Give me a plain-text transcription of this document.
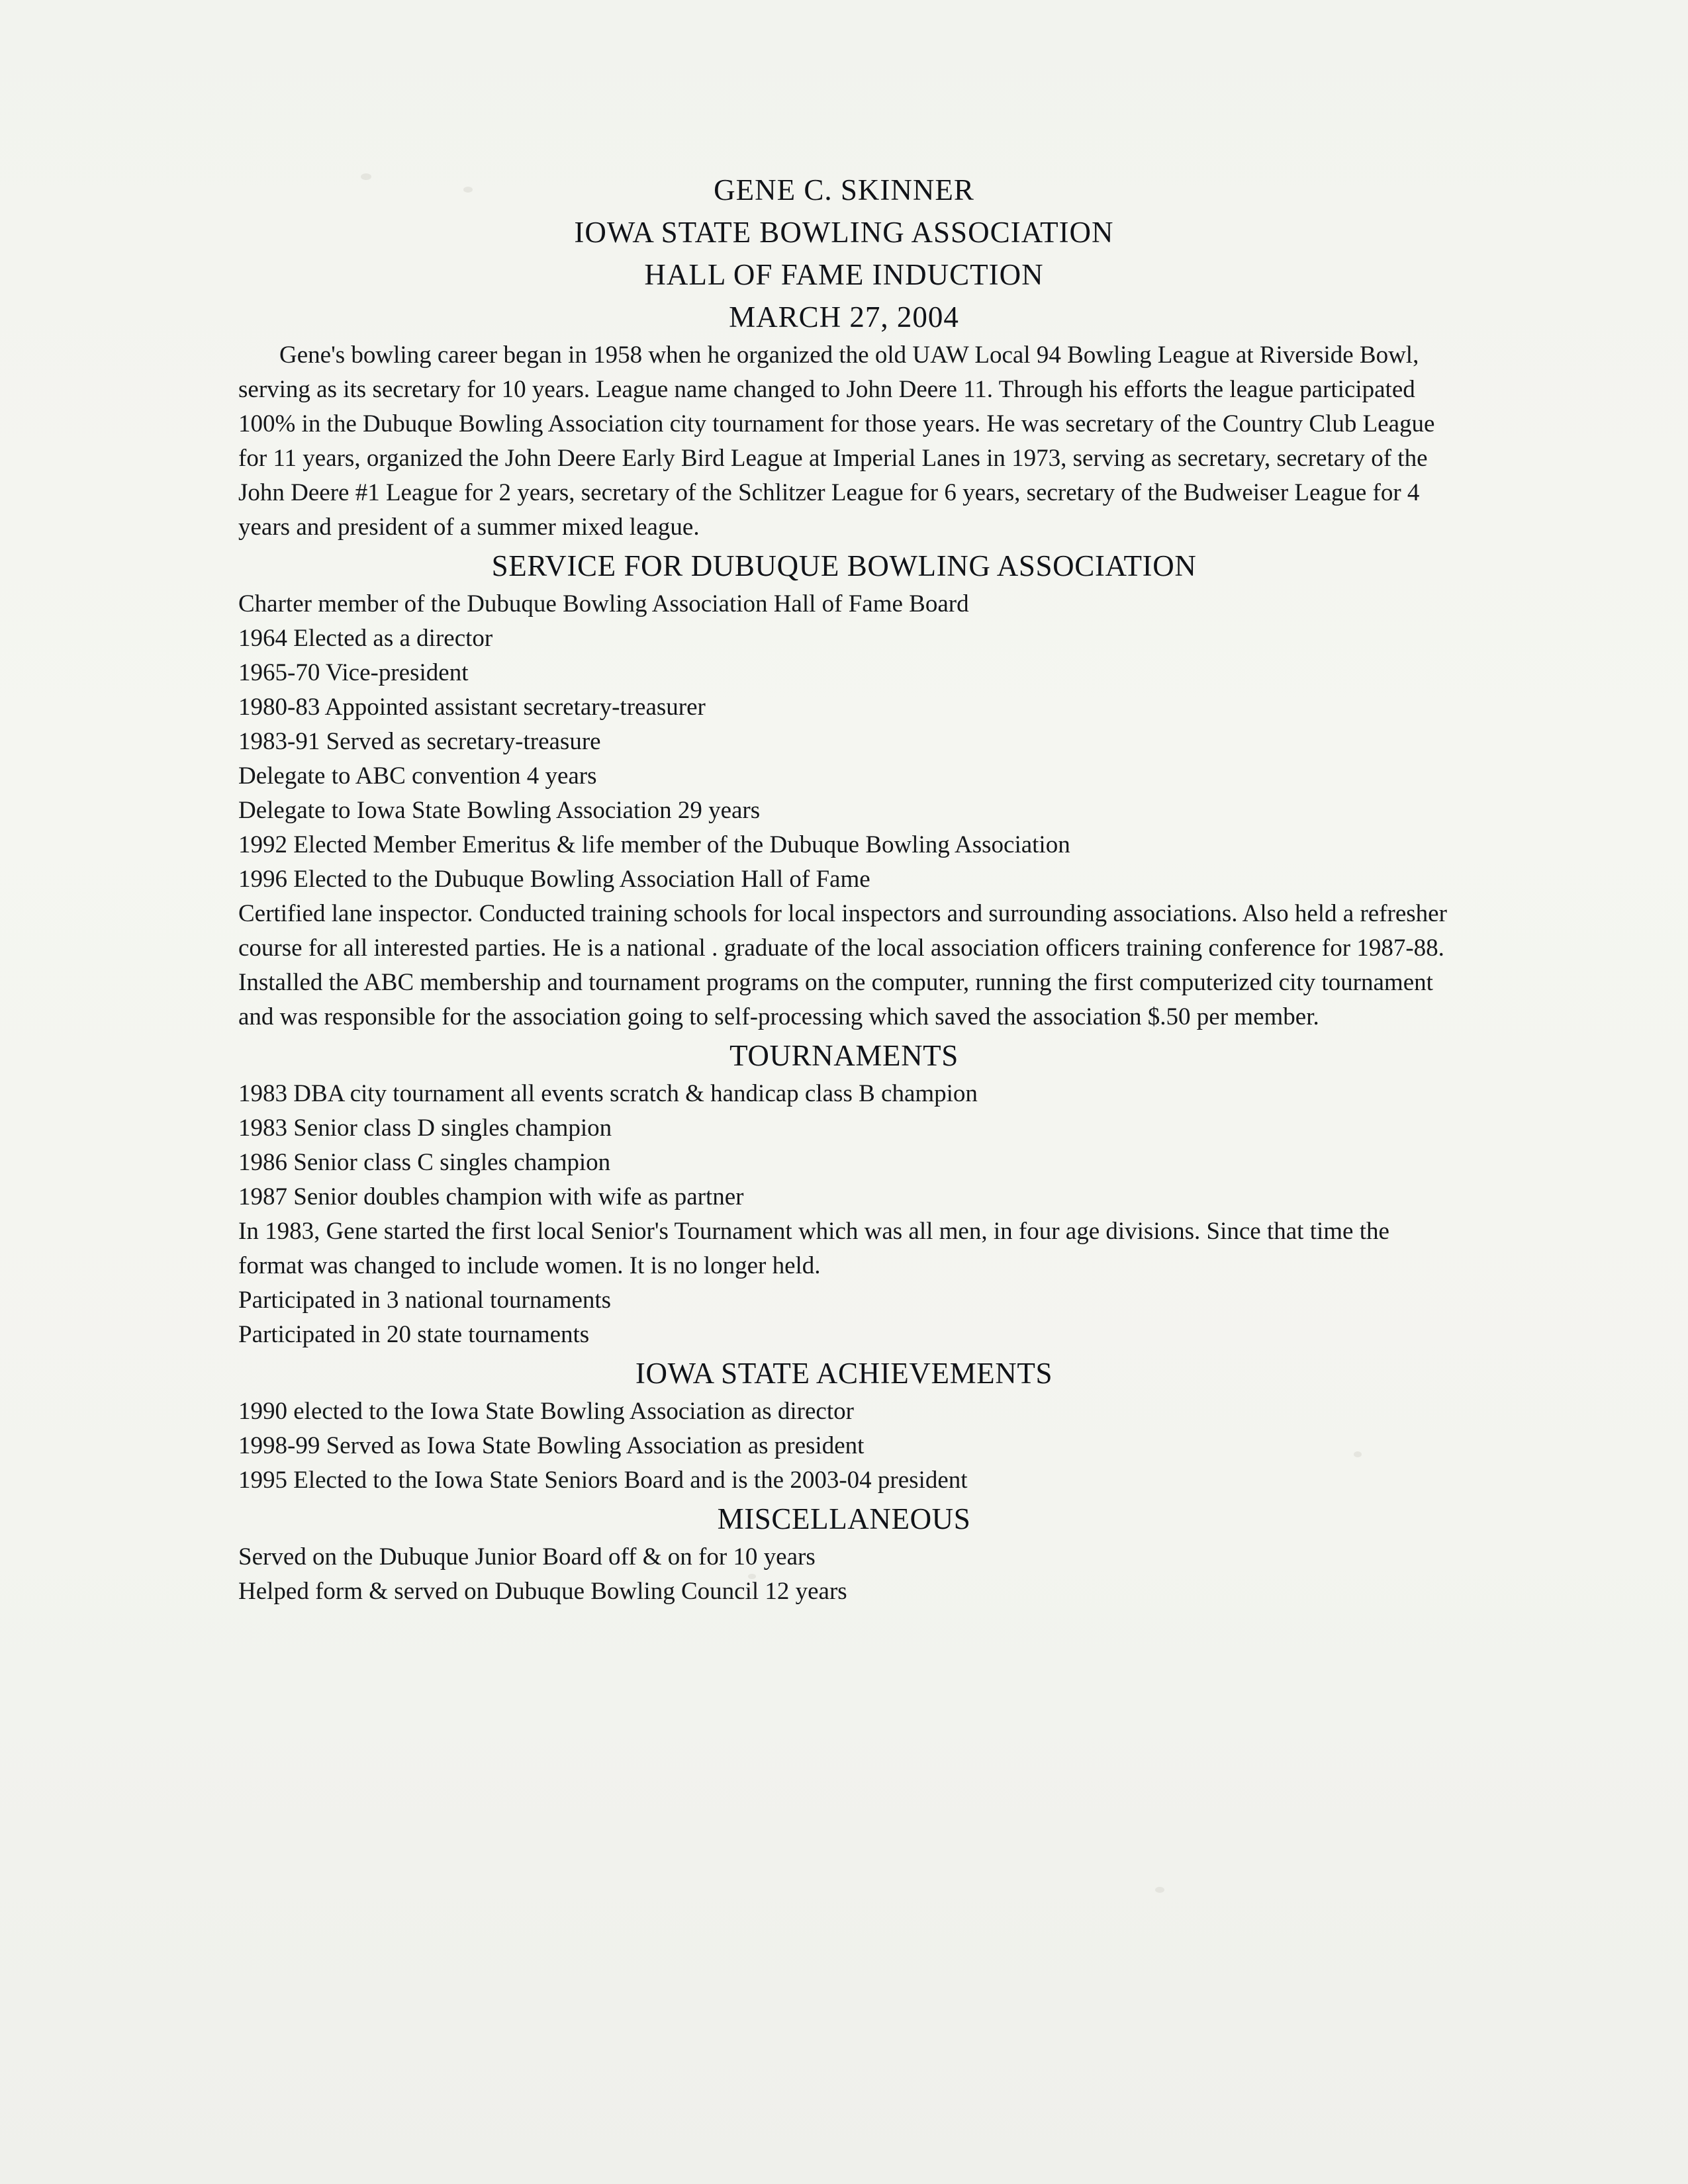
GENE C. SKINNER
IOWA STATE BOWLING ASSOCIATION
HALL OF FAME INDUCTION
MARCH 27, 2004
Gene's bowling career began in 1958 when he organized the old UAW Local 94 Bowling League at Riverside Bowl, serving as its secretary for 10 years. League name changed to John Deere 11. Through his efforts the league participated 100% in the Dubuque Bowling Association city tournament for those years. He was secretary of the Country Club League for 11 years, organized the John Deere Early Bird League at Imperial Lanes in 1973, serving as secretary, secretary of the John Deere #1 League for 2 years, secretary of the Schlitzer League for 6 years, secretary of the Budweiser League for 4 years and president of a summer mixed league.
SERVICE FOR DUBUQUE BOWLING ASSOCIATION
Charter member of the Dubuque Bowling Association Hall of Fame Board
1964 Elected as a director
1965-70 Vice-president
1980-83 Appointed assistant secretary-treasurer
1983-91 Served as secretary-treasure
Delegate to ABC convention 4 years
Delegate to Iowa State Bowling Association 29 years
1992 Elected Member Emeritus & life member of the Dubuque Bowling Association
1996 Elected to the Dubuque Bowling Association Hall of Fame
Certified lane inspector. Conducted training schools for local inspectors and surrounding associations. Also held a refresher course for all interested parties. He is a national . graduate of the local association officers training conference for 1987-88. Installed the ABC membership and tournament programs on the computer, running the first computerized city tournament and was responsible for the association going to self-processing which saved the association $.50 per member.
TOURNAMENTS
1983 DBA city tournament all events scratch & handicap class B champion
1983 Senior class D singles champion
1986 Senior class C singles champion
1987 Senior doubles champion with wife as partner
In 1983, Gene started the first local Senior's Tournament which was all men, in four age divisions. Since that time the format was changed to include women. It is no longer held.
Participated in 3 national tournaments
Participated in 20 state tournaments
IOWA STATE ACHIEVEMENTS
1990 elected to the Iowa State Bowling Association as director
1998-99 Served as Iowa State Bowling Association as president
1995 Elected to the Iowa State Seniors Board and is the 2003-04 president
MISCELLANEOUS
Served on the Dubuque Junior Board off & on for 10 years
Helped form & served on Dubuque Bowling Council 12 years
